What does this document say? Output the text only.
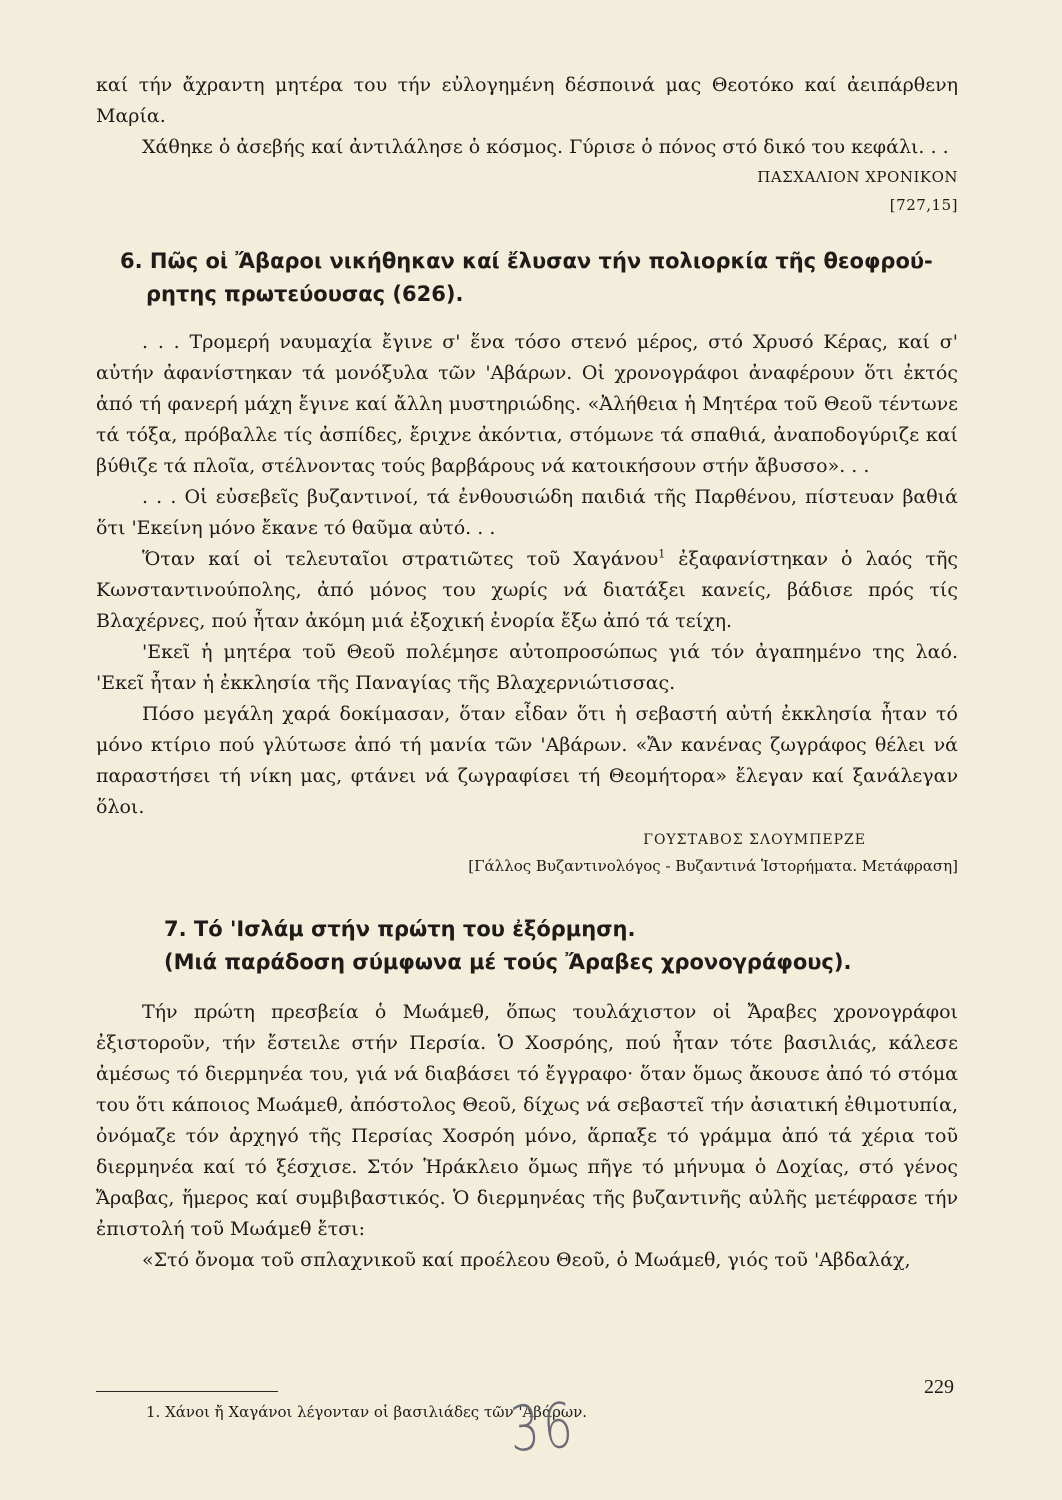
καί τήν ἄχραντη μητέρα του τήν εὐλογημένη δέσποινά μας Θεοτόκο καί ἀειπάρθενη Μαρία.

Χάθηκε ὁ ἀσεβής καί ἀντιλάλησε ὁ κόσμος. Γύρισε ὁ πόνος στό δικό του κεφάλι. . .

ΠΑΣΧΑΛΙΟΝ ΧΡΟΝΙΚΟΝ

[727,15]

6. Πῶς οἱ Ἄβαροι νικήθηκαν καί ἔλυσαν τήν πολιορκία τῆς θεοφρού-ρητης πρωτεύουσας (626).

. . . Τρομερή ναυμαχία ἔγινε σ' ἕνα τόσο στενό μέρος, στό Χρυσό Κέρας, καί σ' αὐτήν ἀφανίστηκαν τά μονόξυλα τῶν 'Αβάρων. Οἱ χρονογράφοι ἀναφέρουν ὅτι ἐκτός ἀπό τή φανερή μάχη ἔγινε καί ἄλλη μυστηριώδης. «Ἀλήθεια ἡ Μητέρα τοῦ Θεοῦ τέντωνε τά τόξα, πρόβαλλε τίς ἀσπίδες, ἔριχνε ἀκόντια, στόμωνε τά σπαθιά, ἀναποδογύριζε καί βύθιζε τά πλοῖα, στέλνοντας τούς βαρβάρους νά κατοικήσουν στήν ἄβυσσο». . .

. . . Οἱ εὐσεβεῖς βυζαντινοί, τά ἐνθουσιώδη παιδιά τῆς Παρθένου, πίστευαν βαθιά ὅτι 'Εκείνη μόνο ἔκανε τό θαῦμα αὐτό. . .

Ὅταν καί οἱ τελευταῖοι στρατιῶτες τοῦ Χαγάνου$^1$ ἐξαφανίστηκαν ὁ λαός τῆς Κωνσταντινούπολης, ἀπό μόνος του χωρίς νά διατάξει κανείς, βάδισε πρός τίς Βλαχέρνες, πού ἦταν ἀκόμη μιά ἐξοχική ἐνορία ἔξω ἀπό τά τείχη.

'Εκεῖ ἡ μητέρα τοῦ Θεοῦ πολέμησε αὐτοπροσώπως γιά τόν ἀγαπημένο της λαό. 'Εκεῖ ἦταν ἡ ἐκκλησία τῆς Παναγίας τῆς Βλαχερνιώτισσας.

Πόσο μεγάλη χαρά δοκίμασαν, ὅταν εἶδαν ὅτι ἡ σεβαστή αὐτή ἐκκλησία ἦταν τό μόνο κτίριο πού γλύτωσε ἀπό τή μανία τῶν 'Αβάρων. «Ἄν κανένας ζωγράφος θέλει νά παραστήσει τή νίκη μας, φτάνει νά ζωγραφίσει τή Θεομήτορα» ἔλεγαν καί ξανάλεγαν ὅλοι.

ΓΟΥΣΤΑΒΟΣ ΣΛΟΥΜΠΕΡΖΕ

[Γάλλος Βυζαντινολόγος - Βυζαντινά Ἱστορήματα. Μετάφραση]

7. Τό 'Ισλάμ στήν πρώτη του ἐξόρμηση.
(Μιά παράδοση σύμφωνα μέ τούς Ἄραβες χρονογράφους).

Τήν πρώτη πρεσβεία ὁ Μωάμεθ, ὅπως τουλάχιστον οἱ Ἄραβες χρονογράφοι ἐξιστοροῦν, τήν ἔστειλε στήν Περσία. Ὁ Χοσρόης, πού ἦταν τότε βασιλιάς, κάλεσε ἀμέσως τό διερμηνέα του, γιά νά διαβάσει τό ἔγγραφο· ὅταν ὅμως ἄκουσε ἀπό τό στόμα του ὅτι κάποιος Μωάμεθ, ἀπόστολος Θεοῦ, δίχως νά σεβαστεῖ τήν ἀσιατική ἐθιμοτυπία, ὀνόμαζε τόν ἀρχηγό τῆς Περσίας Χοσρόη μόνο, ἅρπαξε τό γράμμα ἀπό τά χέρια τοῦ διερμηνέα καί τό ξέσχισε. Στόν Ἡράκλειο ὅμως πῆγε τό μήνυμα ὁ Δοχίας, στό γένος Ἄραβας, ἥμερος καί συμβιβαστικός. Ὁ διερμηνέας τῆς βυζαντινῆς αὐλῆς μετέφρασε τήν ἐπιστολή τοῦ Μωάμεθ ἔτσι:

«Στό ὄνομα τοῦ σπλαχνικοῦ καί προέλεου Θεοῦ, ὁ Μωάμεθ, γιός τοῦ 'Αβδαλάχ,

1. Χάνοι ἤ Χαγάνοι λέγονταν οἱ βασιλιάδες τῶν 'Αβάρων.

229

36
